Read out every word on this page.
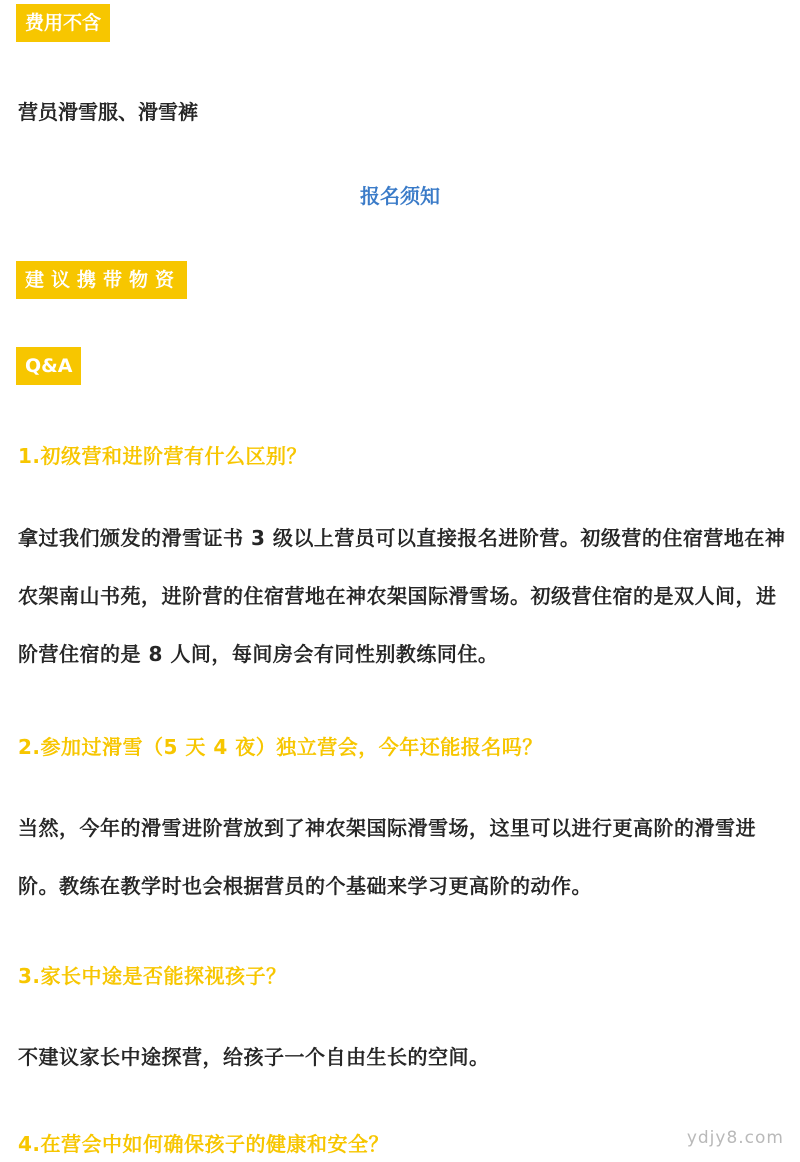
费用不含

营员滑雪服、滑雪裤

报名须知
建议携带物资
Q&A

1.初级营和进阶营有什么区别？

拿过我们颁发的滑雪证书 3 级以上营员可以直接报名进阶营。初级营的住宿营地在神农架南山书苑，进阶营的住宿营地在神农架国际滑雪场。初级营住宿的是双人间，进阶营住宿的是 8 人间，每间房会有同性别教练同住。

2.参加过滑雪（5 天 4 夜）独立营会，今年还能报名吗？

当然，今年的滑雪进阶营放到了神农架国际滑雪场，这里可以进行更高阶的滑雪进阶。教练在教学时也会根据营员的个基础来学习更高阶的动作。

3.家长中途是否能探视孩子？

不建议家长中途探营，给孩子一个自由生长的空间。

4.在营会中如何确保孩子的健康和安全？	ydjy8.com
